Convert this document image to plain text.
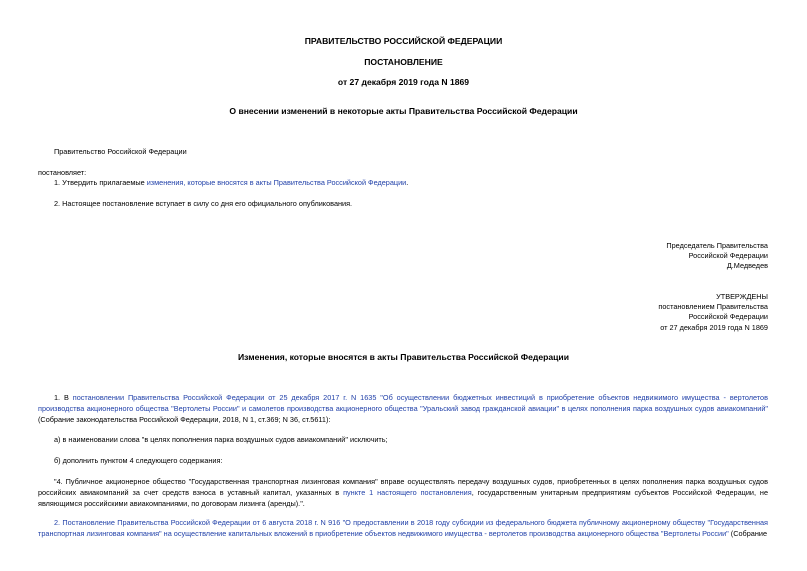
ПРАВИТЕЛЬСТВО РОССИЙСКОЙ ФЕДЕРАЦИИ
ПОСТАНОВЛЕНИЕ
от 27 декабря 2019 года N 1869
О внесении изменений в некоторые акты Правительства Российской Федерации
Правительство Российской Федерации
постановляет:
1. Утвердить прилагаемые изменения, которые вносятся в акты Правительства Российской Федерации.
2. Настоящее постановление вступает в силу со дня его официального опубликования.
Председатель Правительства
Российской Федерации
Д.Медведев
УТВЕРЖДЕНЫ
постановлением Правительства
Российской Федерации
от 27 декабря 2019 года N 1869
Изменения, которые вносятся в акты Правительства Российской Федерации
1. В постановлении Правительства Российской Федерации от 25 декабря 2017 г. N 1635 "Об осуществлении бюджетных инвестиций в приобретение объектов недвижимого имущества - вертолетов производства акционерного общества "Вертолеты России" и самолетов производства акционерного общества "Уральский завод гражданской авиации" в целях пополнения парка воздушных судов авиакомпаний" (Собрание законодательства Российской Федерации, 2018, N 1, ст.369; N 36, ст.5611):
а) в наименовании слова "в целях пополнения парка воздушных судов авиакомпаний" исключить;
б) дополнить пунктом 4 следующего содержания:
"4. Публичное акционерное общество "Государственная транспортная лизинговая компания" вправе осуществлять передачу воздушных судов, приобретенных в целях пополнения парка воздушных судов российских авиакомпаний за счет средств взноса в уставный капитал, указанных в пункте 1 настоящего постановления, государственным унитарным предприятиям субъектов Российской Федерации, не являющимся российскими авиакомпаниями, по договорам лизинга (аренды).".
2. Постановление Правительства Российской Федерации от 6 августа 2018 г. N 916 "О предоставлении в 2018 году субсидии из федерального бюджета публичному акционерному обществу "Государственная транспортная лизинговая компания" на осуществление капитальных вложений в приобретение объектов недвижимого имущества - вертолетов производства акционерного общества "Вертолеты России" (Собрание
